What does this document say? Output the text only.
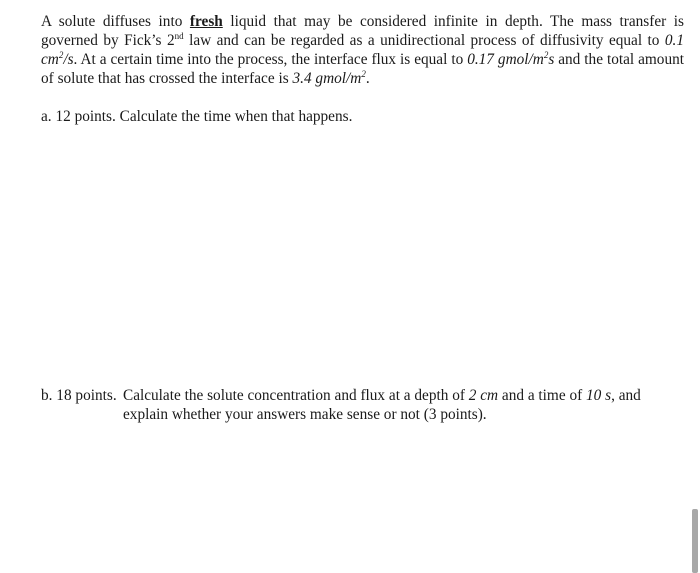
A solute diffuses into fresh liquid that may be considered infinite in depth. The mass transfer is governed by Fick’s 2nd law and can be regarded as a unidirectional process of diffusivity equal to 0.1 $cm^2/s$. At a certain time into the process, the interface flux is equal to 0.17 gmol/$m^2s$ and the total amount of solute that has crossed the interface is 3.4 gmol/$m^2$.

a. 12 points. Calculate the time when that happens.

b. 18 points. Calculate the solute concentration and flux at a depth of 2 cm and a time of 10 s, and
explain whether your answers make sense or not (3 points).
